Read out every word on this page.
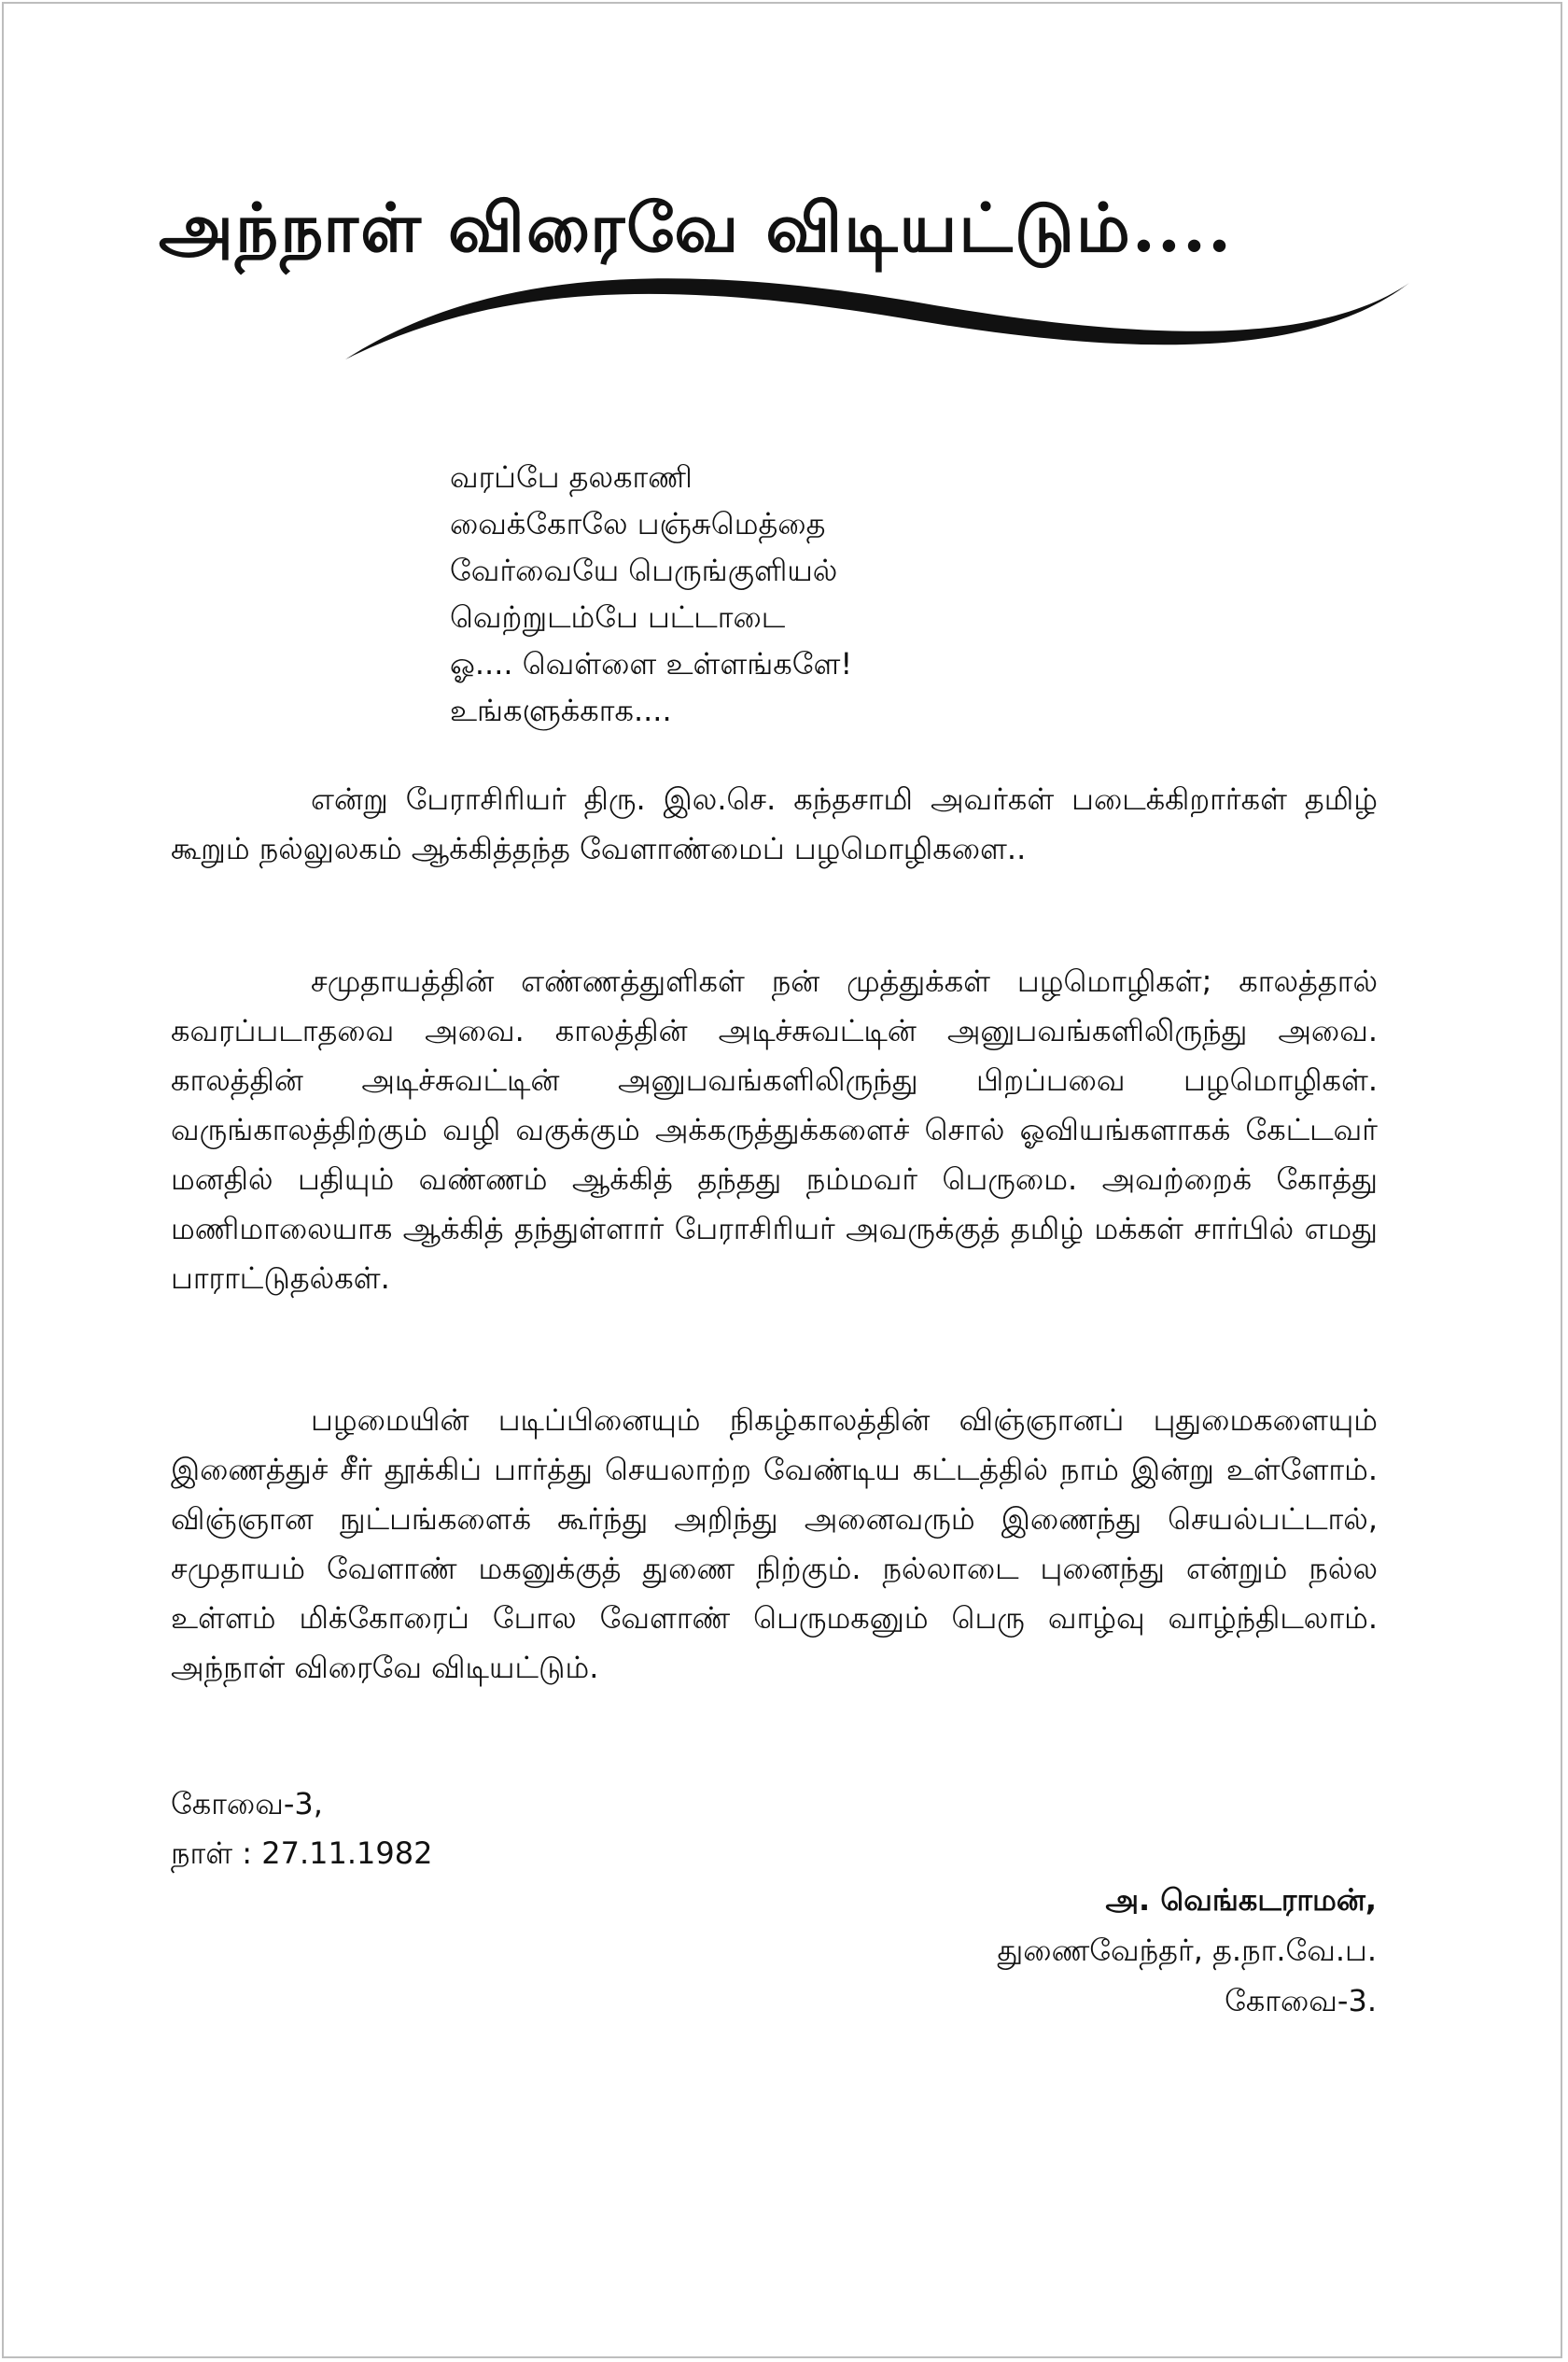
அந்நாள் விரைவே விடியட்டும்....
வரப்பே தலகாணி
வைக்கோலே பஞ்சுமெத்தை
வேர்வையே பெருங்குளியல்
வெற்றுடம்பே பட்டாடை
ஓ.... வெள்ளை உள்ளங்களே!
உங்களுக்காக....

என்று பேராசிரியர் திரு. இல.செ. கந்தசாமி அவர்கள் படைக்கிறார்கள் தமிழ் கூறும் நல்லுலகம் ஆக்கித்தந்த வேளாண்மைப் பழமொழிகளை..

சமுதாயத்தின் எண்ணத்துளிகள் நன் முத்துக்கள் பழமொழிகள்; காலத்தால் கவரப்படாதவை அவை. காலத்தின் அடிச்சுவட்டின் அனுபவங்களிலிருந்து அவை. காலத்தின் அடிச்சுவட்டின் அனுபவங்களிலிருந்து பிறப்பவை பழமொழிகள். வருங்காலத்திற்கும் வழி வகுக்கும் அக்கருத்துக்களைச் சொல் ஓவியங்களாகக் கேட்டவர் மனதில் பதியும் வண்ணம் ஆக்கித் தந்தது நம்மவர் பெருமை. அவற்றைக் கோத்து மணிமாலையாக ஆக்கித் தந்துள்ளார் பேராசிரியர் அவருக்குத் தமிழ் மக்கள் சார்பில் எமது பாராட்டுதல்கள்.

பழமையின் படிப்பினையும் நிகழ்காலத்தின் விஞ்ஞானப் புதுமைகளையும் இணைத்துச் சீர் தூக்கிப் பார்த்து செயலாற்ற வேண்டிய கட்டத்தில் நாம் இன்று உள்ளோம். விஞ்ஞான நுட்பங்களைக் கூர்ந்து அறிந்து அனைவரும் இணைந்து செயல்பட்டால், சமுதாயம் வேளாண் மகனுக்குத் துணை நிற்கும். நல்லாடை புனைந்து என்றும் நல்ல உள்ளம் மிக்கோரைப் போல வேளாண் பெருமகனும் பெரு வாழ்வு வாழ்ந்திடலாம். அந்நாள் விரைவே விடியட்டும்.

கோவை-3,
நாள் : 27.11.1982
அ. வெங்கடராமன்,
துணைவேந்தர், த.நா.வே.ப.
கோவை-3.
